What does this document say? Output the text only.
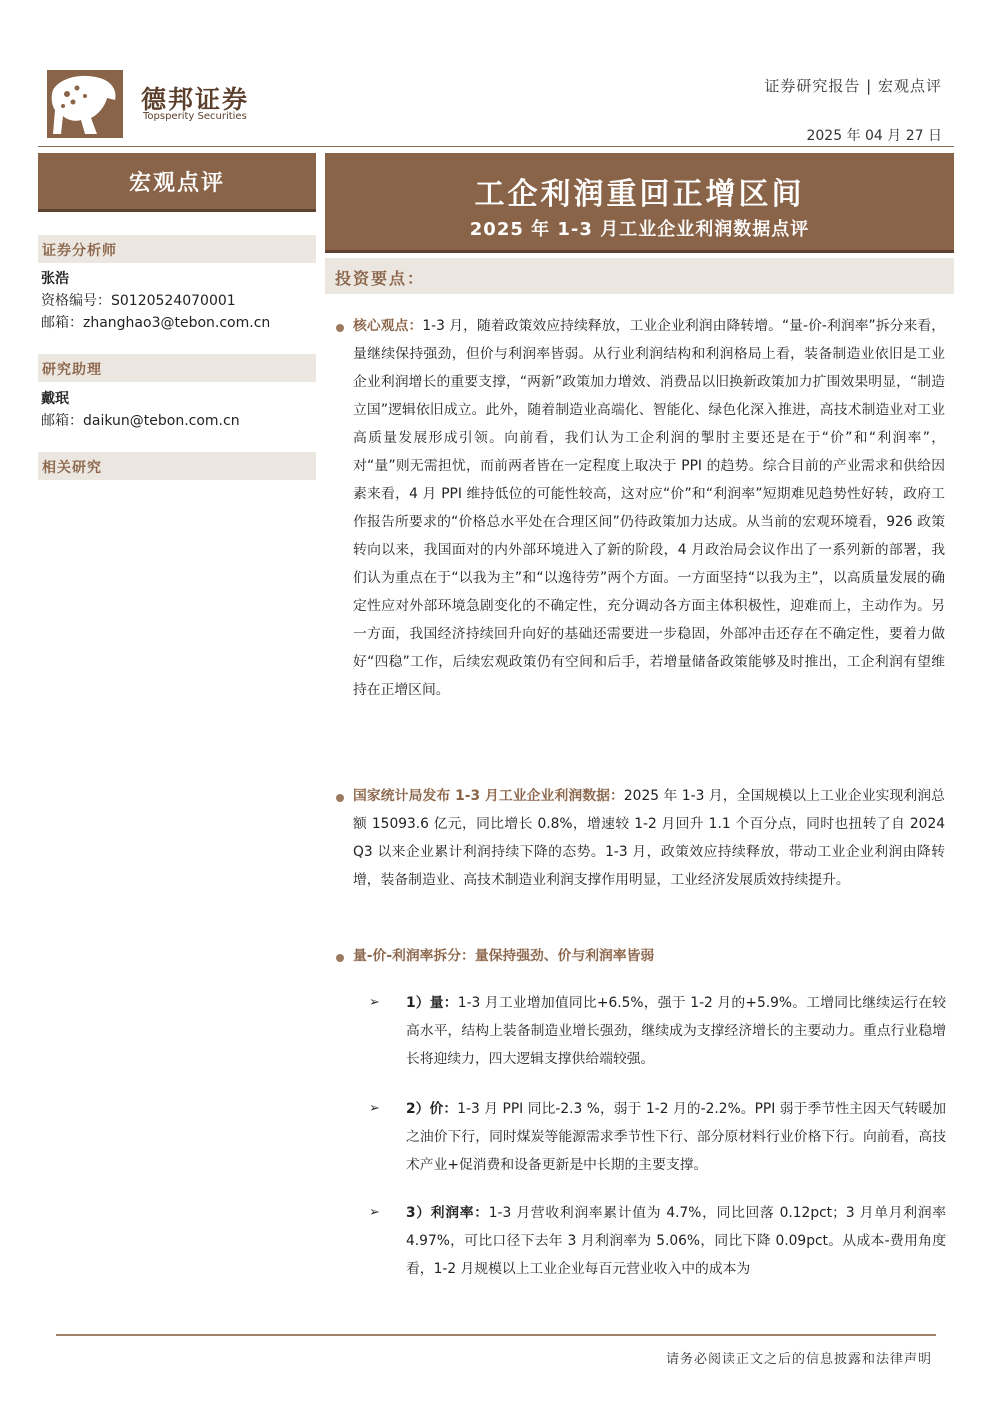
德邦证券
Topsperity Securities
证券研究报告 | 宏观点评
2025 年 04 月 27 日
宏观点评	工企利润重回正增区间
2025 年 1-3 月工业企业利润数据点评
证券分析师
张浩
资格编号：S0120524070001
邮箱：zhanghao3@tebon.com.cn
研究助理
戴珉
邮箱：daikun@tebon.com.cn
相关研究
投资要点：
核心观点：1-3 月，随着政策效应持续释放，工业企业利润由降转增。“量-价-利润率”拆分来看，量继续保持强劲，但价与利润率皆弱。从行业利润结构和利润格局上看，装备制造业依旧是工业企业利润增长的重要支撑，“两新”政策加力增效、消费品以旧换新政策加力扩围效果明显，“制造立国”逻辑依旧成立。此外，随着制造业高端化、智能化、绿色化深入推进，高技术制造业对工业高质量发展形成引领。向前看，我们认为工企利润的掣肘主要还是在于“价”和“利润率”，对“量”则无需担忧，而前两者皆在一定程度上取决于 PPI 的趋势。综合目前的产业需求和供给因素来看，4 月 PPI 维持低位的可能性较高，这对应“价”和“利润率”短期难见趋势性好转，政府工作报告所要求的“价格总水平处在合理区间”仍待政策加力达成。从当前的宏观环境看，926 政策转向以来，我国面对的内外部环境进入了新的阶段，4 月政治局会议作出了一系列新的部署，我们认为重点在于“以我为主”和“以逸待劳”两个方面。一方面坚持“以我为主”，以高质量发展的确定性应对外部环境急剧变化的不确定性，充分调动各方面主体积极性，迎难而上，主动作为。另一方面，我国经济持续回升向好的基础还需要进一步稳固，外部冲击还存在不确定性，要着力做好“四稳”工作，后续宏观政策仍有空间和后手，若增量储备政策能够及时推出，工企利润有望维持在正增区间。
国家统计局发布 1-3 月工业企业利润数据：2025 年 1-3 月，全国规模以上工业企业实现利润总额 15093.6 亿元，同比增长 0.8%，增速较 1-2 月回升 1.1 个百分点，同时也扭转了自 2024 Q3 以来企业累计利润持续下降的态势。1-3 月，政策效应持续释放，带动工业企业利润由降转增，装备制造业、高技术制造业利润支撑作用明显，工业经济发展质效持续提升。
量-价-利润率拆分：量保持强劲、价与利润率皆弱
➢ 1）量：1-3 月工业增加值同比+6.5%，强于 1-2 月的+5.9%。工增同比继续运行在较高水平，结构上装备制造业增长强劲，继续成为支撑经济增长的主要动力。重点行业稳增长将迎续力，四大逻辑支撑供给端较强。
➢ 2）价：1-3 月 PPI 同比-2.3 %，弱于 1-2 月的-2.2%。PPI 弱于季节性主因天气转暖加之油价下行，同时煤炭等能源需求季节性下行、部分原材料行业价格下行。向前看，高技术产业+促消费和设备更新是中长期的主要支撑。
➢ 3）利润率：1-3 月营收利润率累计值为 4.7%，同比回落 0.12pct；3 月单月利润率 4.97%，可比口径下去年 3 月利润率为 5.06%，同比下降 0.09pct。从成本-费用角度看，1-2 月规模以上工业企业每百元营业收入中的成本为
请务必阅读正文之后的信息披露和法律声明
